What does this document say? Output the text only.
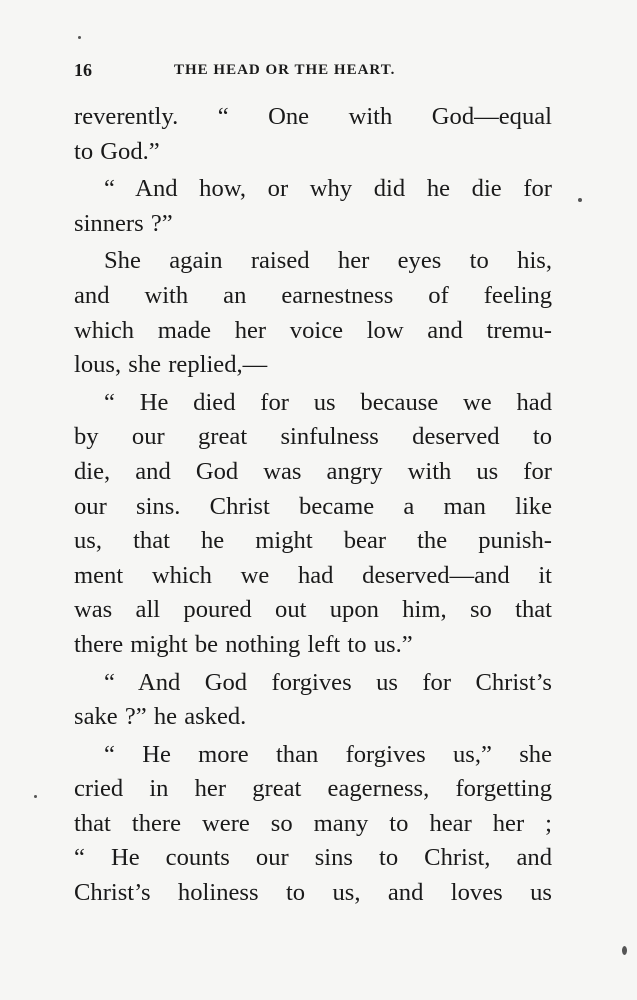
16	THE HEAD OR THE HEART.
reverently. “ One with God—equal
to God.”
“ And how, or why did he die for
sinners ?”
She again raised her eyes to his,
and with an earnestness of feeling
which made her voice low and tremu-
lous, she replied,—
“ He died for us because we had
by our great sinfulness deserved to
die, and God was angry with us for
our sins. Christ became a man like
us, that he might bear the punish-
ment which we had deserved—and it
was all poured out upon him, so that
there might be nothing left to us.”
“ And God forgives us for Christ’s
sake ?” he asked.
“ He more than forgives us,” she
cried in her great eagerness, forgetting
that there were so many to hear her ;
“ He counts our sins to Christ, and
Christ’s holiness to us, and loves us
